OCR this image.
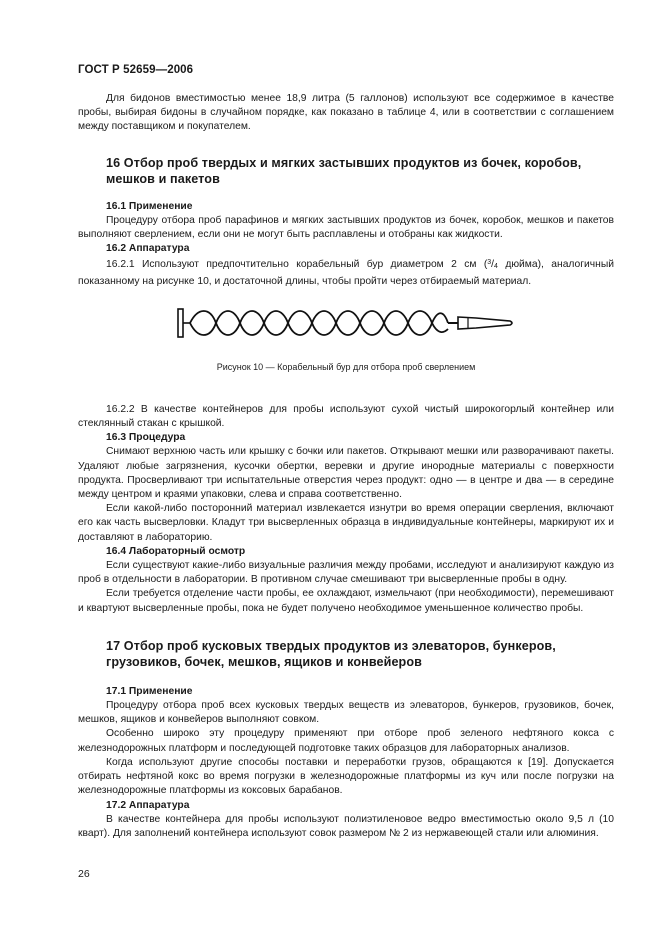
ГОСТ Р 52659—2006

Для бидонов вместимостью менее 18,9 литра (5 галлонов) используют все содержимое в качестве пробы, выбирая бидоны в случайном порядке, как показано в таблице 4, или в соответствии с соглашением между поставщиком и покупателем.

16 Отбор проб твердых и мягких застывших продуктов из бочек, коробов, мешков и пакетов
16.1 Применение

Процедуру отбора проб парафинов и мягких застывших продуктов из бочек, коробок, мешков и пакетов выполняют сверлением, если они не могут быть расплавлены и отобраны как жидкости.

16.2 Аппаратура

16.2.1 Используют предпочтительно корабельный бур диаметром 2 см ($^3$/4 дюйма), аналогичный показанному на рисунке 10, и достаточной длины, чтобы пройти через отбираемый материал.

Рисунок 10 — Корабельный бур для отбора проб сверлением

16.2.2 В качестве контейнеров для пробы используют сухой чистый широкогорлый контейнер или стеклянный стакан с крышкой.

16.3 Процедура

Снимают верхнюю часть или крышку с бочки или пакетов. Открывают мешки или разворачивают пакеты. Удаляют любые загрязнения, кусочки обертки, веревки и другие инородные материалы с поверхности продукта. Просверливают три испытательные отверстия через продукт: одно — в центре и два — в середине между центром и краями упаковки, слева и справа соответственно.

Если какой-либо посторонний материал извлекается изнутри во время операции сверления, включают его как часть высверловки. Кладут три высверленных образца в индивидуальные контейнеры, маркируют их и доставляют в лабораторию.

16.4 Лабораторный осмотр

Если существуют какие-либо визуальные различия между пробами, исследуют и анализируют каждую из проб в отдельности в лаборатории. В противном случае смешивают три высверленные пробы в одну.

Если требуется отделение части пробы, ее охлаждают, измельчают (при необходимости), перемешивают и квартуют высверленные пробы, пока не будет получено необходимое уменьшенное количество пробы.

17 Отбор проб кусковых твердых продуктов из элеваторов, бункеров, грузовиков, бочек, мешков, ящиков и конвейеров
17.1 Применение

Процедуру отбора проб всех кусковых твердых веществ из элеваторов, бункеров, грузовиков, бочек, мешков, ящиков и конвейеров выполняют совком.

Особенно широко эту процедуру применяют при отборе проб зеленого нефтяного кокса с железнодорожных платформ и последующей подготовке таких образцов для лабораторных анализов.

Когда используют другие способы поставки и переработки грузов, обращаются к [19]. Допускается отбирать нефтяной кокс во время погрузки в железнодорожные платформы из куч или после погрузки на железнодорожные платформы из коксовых барабанов.

17.2 Аппаратура

В качестве контейнера для пробы используют полиэтиленовое ведро вместимостью около 9,5 л (10 кварт). Для заполнений контейнера используют совок размером № 2 из нержавеющей стали или алюминия.

26
